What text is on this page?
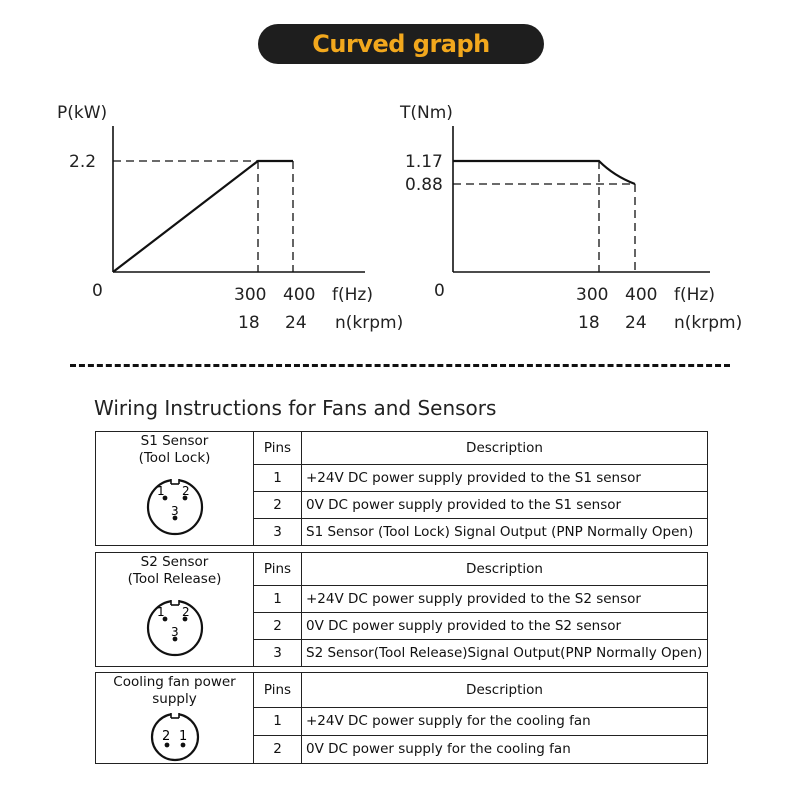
Curved graph
P(kW)
0
2.2
300 400 f(Hz)
18 24 n(krpm)
T(Nm)
0
1.17
0.88
300 400 f(Hz)
18 24 n(krpm)
Wiring Instructions for Fans and Sensors
S1 Sensor
(Tool Lock)
1 2
3	Pins	Description
	1	+24V DC power supply provided to the S1 sensor
	2	0V DC power supply provided to the S1 sensor
	3	S1 Sensor (Tool Lock) Signal Output (PNP Normally Open)
S2 Sensor
(Tool Release)
1 2
3	Pins	Description
	1	+24V DC power supply provided to the S2 sensor
	2	0V DC power supply provided to the S2 sensor
	3	S2 Sensor(Tool Release)Signal Output(PNP Normally Open)
Cooling fan power
supply
2 1	Pins	Description
	1	+24V DC power supply for the cooling fan
	2	0V DC power supply for the cooling fan
